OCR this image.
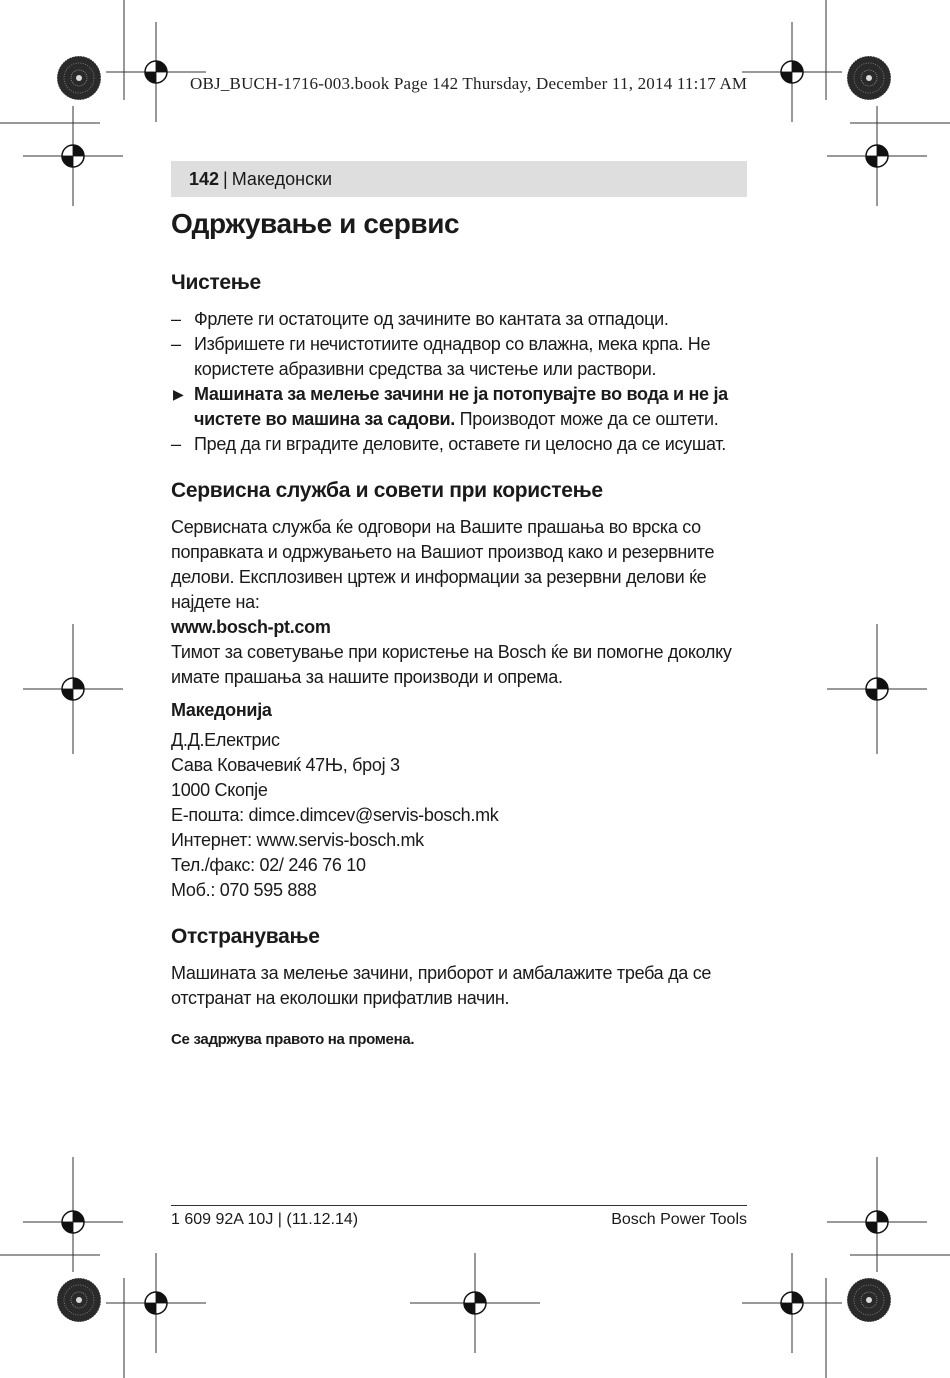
OBJ_BUCH-1716-003.book Page 142 Thursday, December 11, 2014 11:17 AM
142 | Македонски
Одржување и сервис
Чистење
– Фрлете ги остатоците од зачините во кантата за отпадоци.
– Избришете ги нечистотиите однадвор со влажна, мека крпа. Не користете абразивни средства за чистење или раствори.
▶ Машината за мелење зачини не ја потопувајте во вода и не ја чистете во машина за садови. Производот може да се оштети.
– Пред да ги вградите деловите, оставете ги целосно да се исушат.
Сервисна служба и совети при користење

Сервисната служба ќе одговори на Вашите прашања во врска со поправката и одржувањето на Вашиот производ како и резервните делови. Експлозивен цртеж и информации за резервни делови ќе најдете на:

www.bosch-pt.com

Тимот за советување при користење на Bosch ќе ви помогне доколку имате прашања за нашите производи и опрема.

Македонија
Д.Д.Електрис
Сава Ковачевиќ 47Њ, број 3
1000 Скопје
Е-пошта: dimce.dimcev@servis-bosch.mk
Интернет: www.servis-bosch.mk
Тел./факс: 02/ 246 76 10
Моб.: 070 595 888
Отстранување

Машината за мелење зачини, приборот и амбалажите треба да се отстранат на еколошки прифатлив начин.

Се задржува правото на промена.

1 609 92A 10J | (11.12.14)	Bosch Power Tools
